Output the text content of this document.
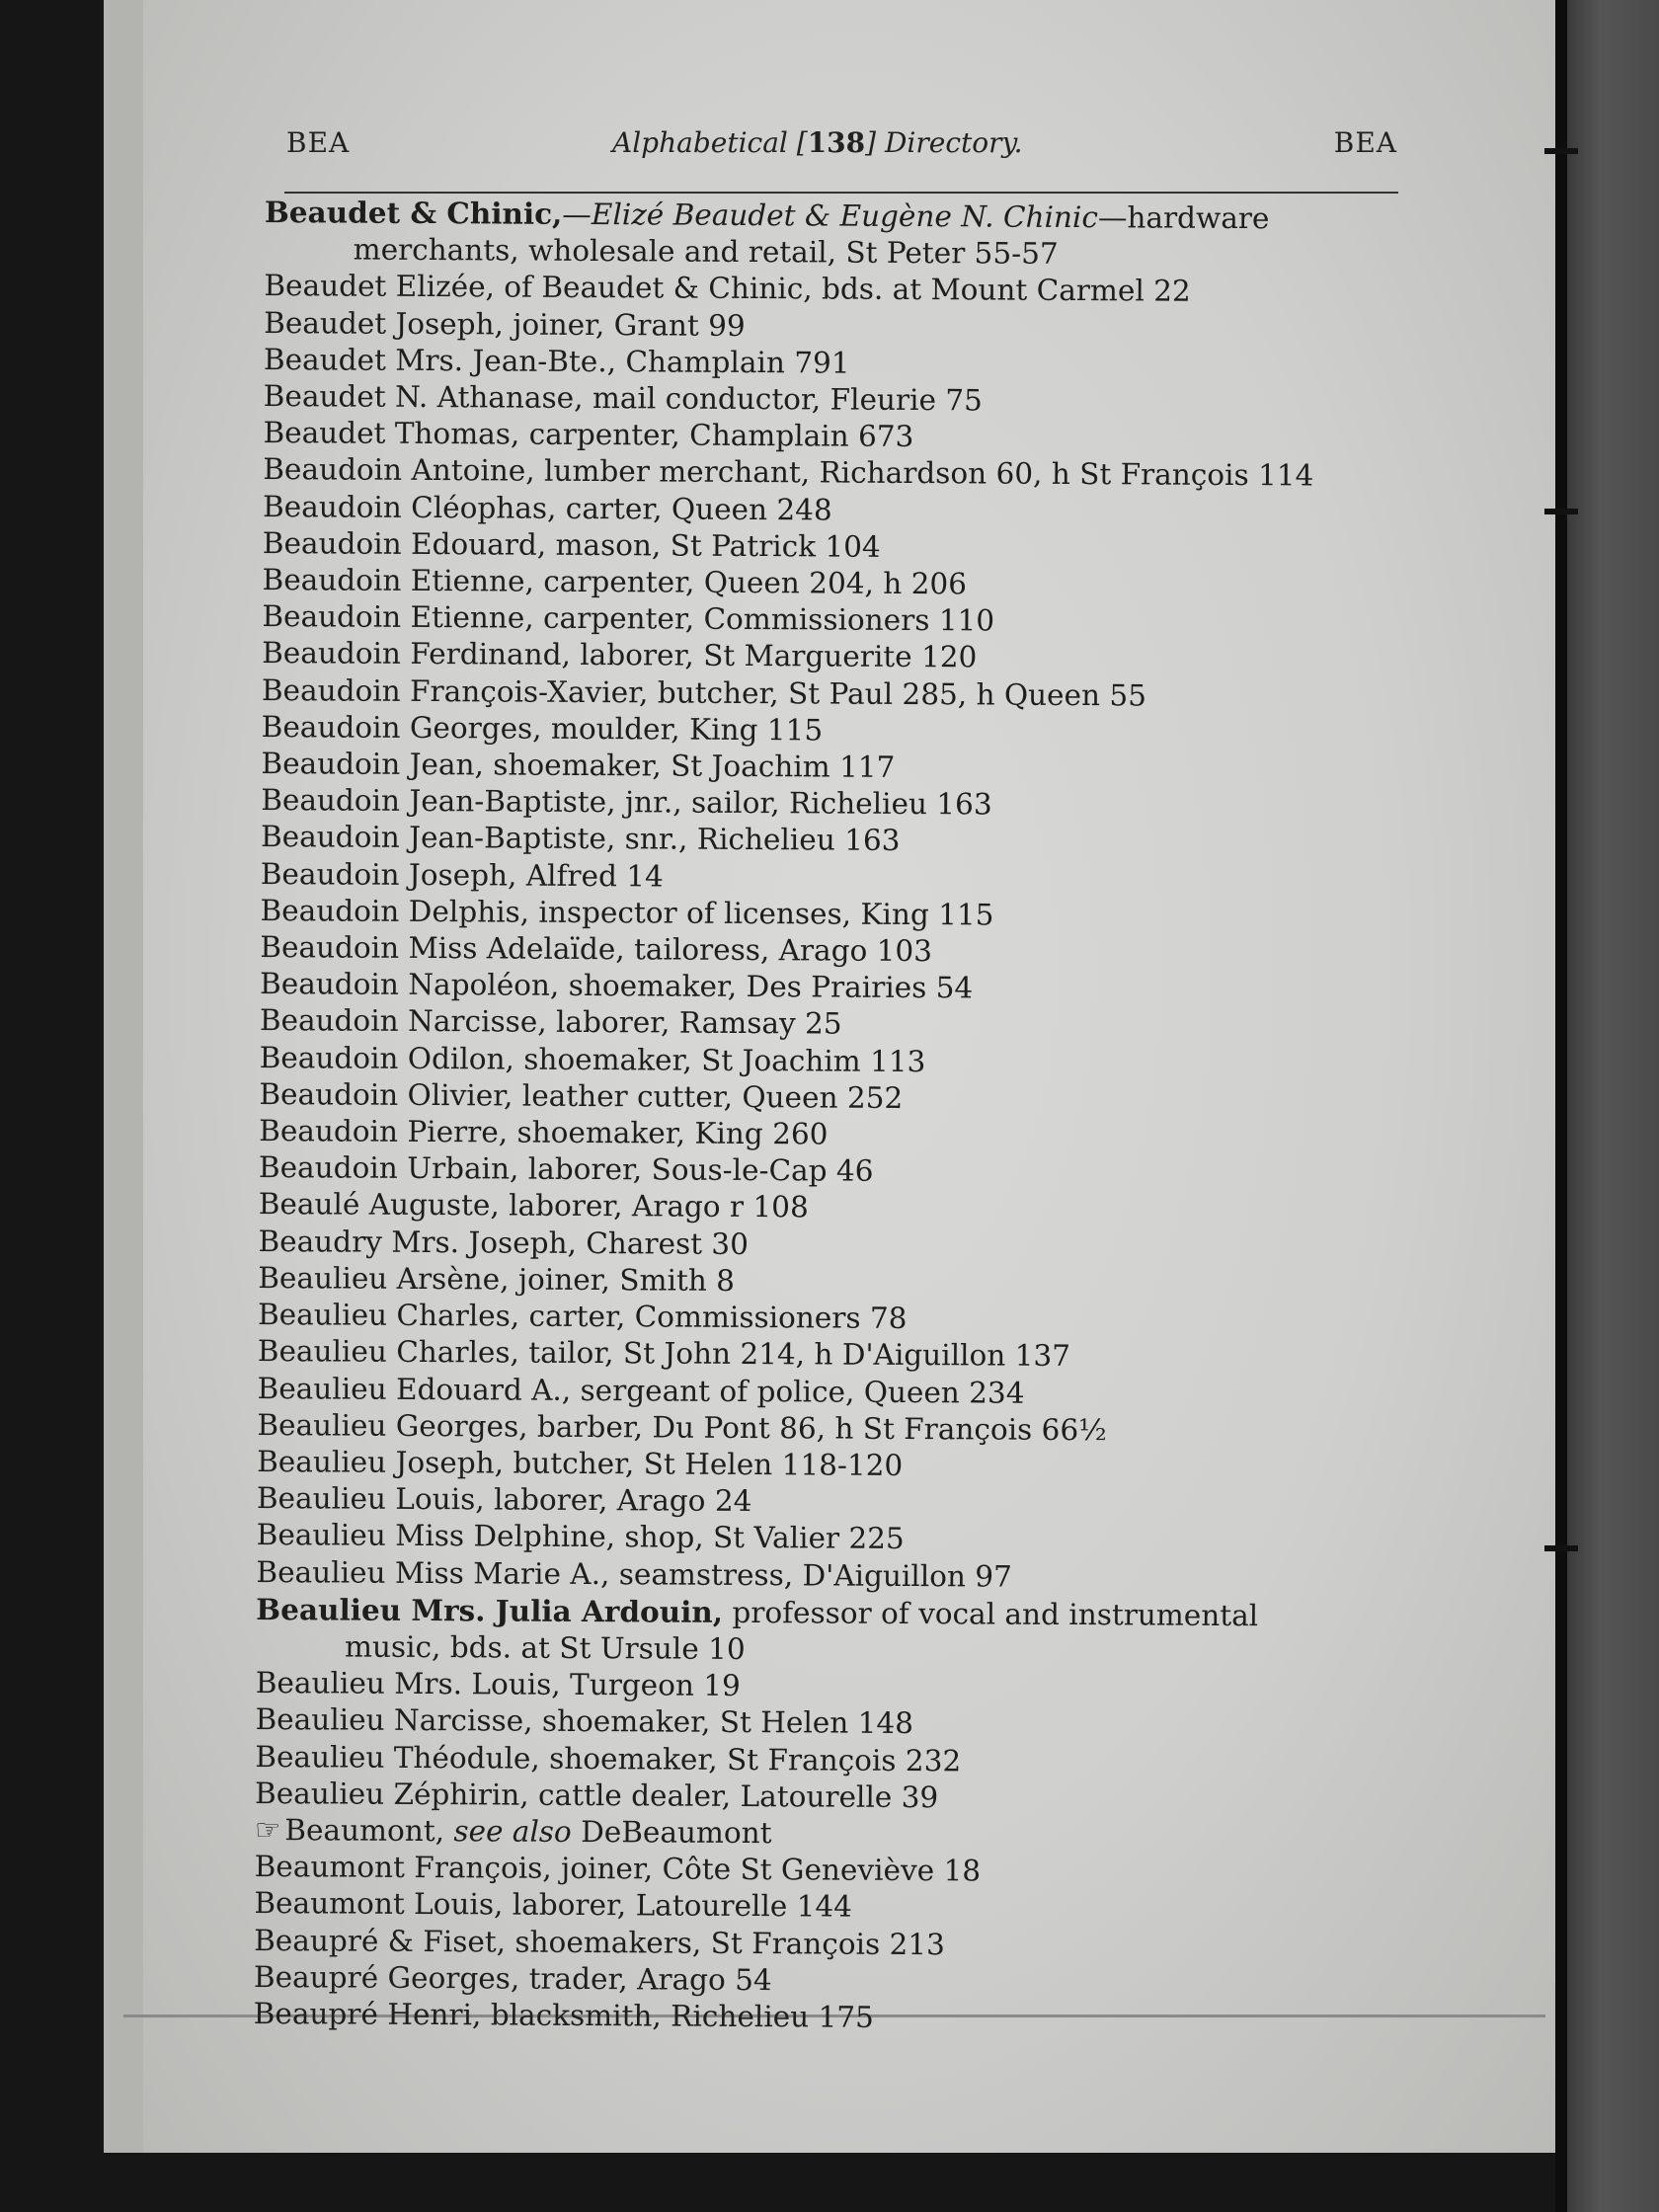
BEA	Alphabetical [138] Directory.	BEA
Beaudet & Chinic,—Elizé Beaudet & Eugène N. Chinic—hardware
merchants, wholesale and retail, St Peter 55-57
Beaudet Elizée, of Beaudet & Chinic, bds. at Mount Carmel 22
Beaudet Joseph, joiner, Grant 99
Beaudet Mrs. Jean-Bte., Champlain 791
Beaudet N. Athanase, mail conductor, Fleurie 75
Beaudet Thomas, carpenter, Champlain 673
Beaudoin Antoine, lumber merchant, Richardson 60, h St François 114
Beaudoin Cléophas, carter, Queen 248
Beaudoin Edouard, mason, St Patrick 104
Beaudoin Etienne, carpenter, Queen 204, h 206
Beaudoin Etienne, carpenter, Commissioners 110
Beaudoin Ferdinand, laborer, St Marguerite 120
Beaudoin François-Xavier, butcher, St Paul 285, h Queen 55
Beaudoin Georges, moulder, King 115
Beaudoin Jean, shoemaker, St Joachim 117
Beaudoin Jean-Baptiste, jnr., sailor, Richelieu 163
Beaudoin Jean-Baptiste, snr., Richelieu 163
Beaudoin Joseph, Alfred 14
Beaudoin Delphis, inspector of licenses, King 115
Beaudoin Miss Adelaïde, tailoress, Arago 103
Beaudoin Napoléon, shoemaker, Des Prairies 54
Beaudoin Narcisse, laborer, Ramsay 25
Beaudoin Odilon, shoemaker, St Joachim 113
Beaudoin Olivier, leather cutter, Queen 252
Beaudoin Pierre, shoemaker, King 260
Beaudoin Urbain, laborer, Sous-le-Cap 46
Beaulé Auguste, laborer, Arago r 108
Beaudry Mrs. Joseph, Charest 30
Beaulieu Arsène, joiner, Smith 8
Beaulieu Charles, carter, Commissioners 78
Beaulieu Charles, tailor, St John 214, h D'Aiguillon 137
Beaulieu Edouard A., sergeant of police, Queen 234
Beaulieu Georges, barber, Du Pont 86, h St François 66½
Beaulieu Joseph, butcher, St Helen 118-120
Beaulieu Louis, laborer, Arago 24
Beaulieu Miss Delphine, shop, St Valier 225
Beaulieu Miss Marie A., seamstress, D'Aiguillon 97
Beaulieu Mrs. Julia Ardouin, professor of vocal and instrumental
music, bds. at St Ursule 10
Beaulieu Mrs. Louis, Turgeon 19
Beaulieu Narcisse, shoemaker, St Helen 148
Beaulieu Théodule, shoemaker, St François 232
Beaulieu Zéphirin, cattle dealer, Latourelle 39
☞ Beaumont, see also DeBeaumont
Beaumont François, joiner, Côte St Geneviève 18
Beaumont Louis, laborer, Latourelle 144
Beaupré & Fiset, shoemakers, St François 213
Beaupré Georges, trader, Arago 54
Beaupré Henri, blacksmith, Richelieu 175
